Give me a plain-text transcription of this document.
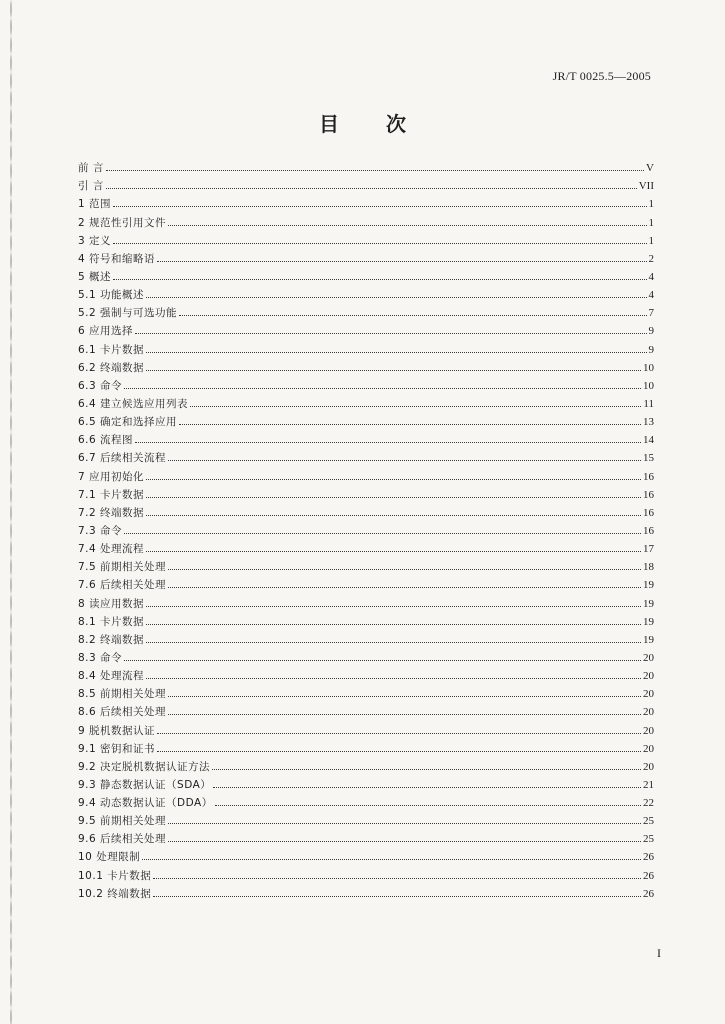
JR/T 0025.5—2005
目 次
前 言	V
引 言	VII
1 范围	1
2 规范性引用文件	1
3 定义	1
4 符号和缩略语	2
5 概述	4
5.1 功能概述	4
5.2 强制与可选功能	7
6 应用选择	9
6.1 卡片数据	9
6.2 终端数据	10
6.3 命令	10
6.4 建立候选应用列表	11
6.5 确定和选择应用	13
6.6 流程图	14
6.7 后续相关流程	15
7 应用初始化	16
7.1 卡片数据	16
7.2 终端数据	16
7.3 命令	16
7.4 处理流程	17
7.5 前期相关处理	18
7.6 后续相关处理	19
8 读应用数据	19
8.1 卡片数据	19
8.2 终端数据	19
8.3 命令	20
8.4 处理流程	20
8.5 前期相关处理	20
8.6 后续相关处理	20
9 脱机数据认证	20
9.1 密钥和证书	20
9.2 决定脱机数据认证方法	20
9.3 静态数据认证（SDA）	21
9.4 动态数据认证（DDA）	22
9.5 前期相关处理	25
9.6 后续相关处理	25
10 处理限制	26
10.1 卡片数据	26
10.2 终端数据	26
I
